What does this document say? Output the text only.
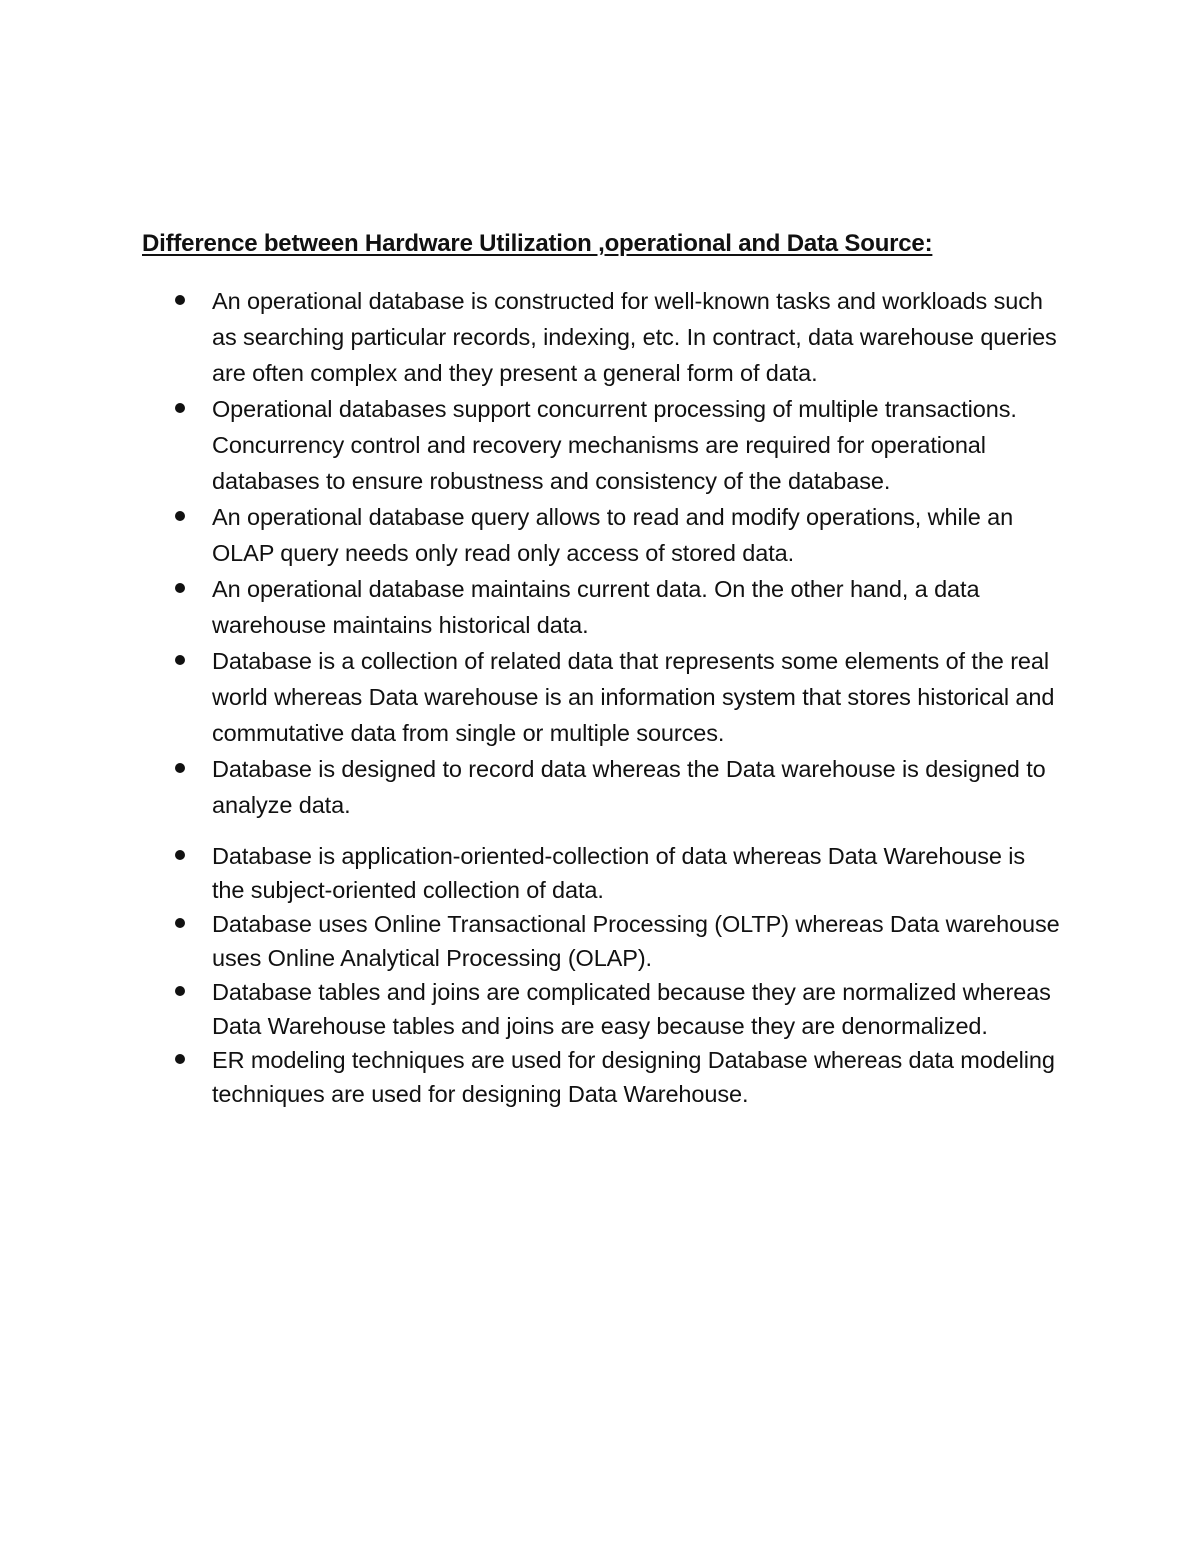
Difference between Hardware Utilization ,operational and Data Source:
An operational database is constructed for well-known tasks and workloads such as searching particular records, indexing, etc. In contract, data warehouse queries are often complex and they present a general form of data.
Operational databases support concurrent processing of multiple transactions. Concurrency control and recovery mechanisms are required for operational databases to ensure robustness and consistency of the database.
An operational database query allows to read and modify operations, while an OLAP query needs only read only access of stored data.
An operational database maintains current data. On the other hand, a data warehouse maintains historical data.
Database is a collection of related data that represents some elements of the real world whereas Data warehouse is an information system that stores historical and commutative data from single or multiple sources.
Database is designed to record data whereas the Data warehouse is designed to analyze data.
Database is application-oriented-collection of data whereas Data Warehouse is the subject-oriented collection of data.
Database uses Online Transactional Processing (OLTP) whereas Data warehouse uses Online Analytical Processing (OLAP).
Database tables and joins are complicated because they are normalized whereas Data Warehouse tables and joins are easy because they are denormalized.
ER modeling techniques are used for designing Database whereas data modeling techniques are used for designing Data Warehouse.
